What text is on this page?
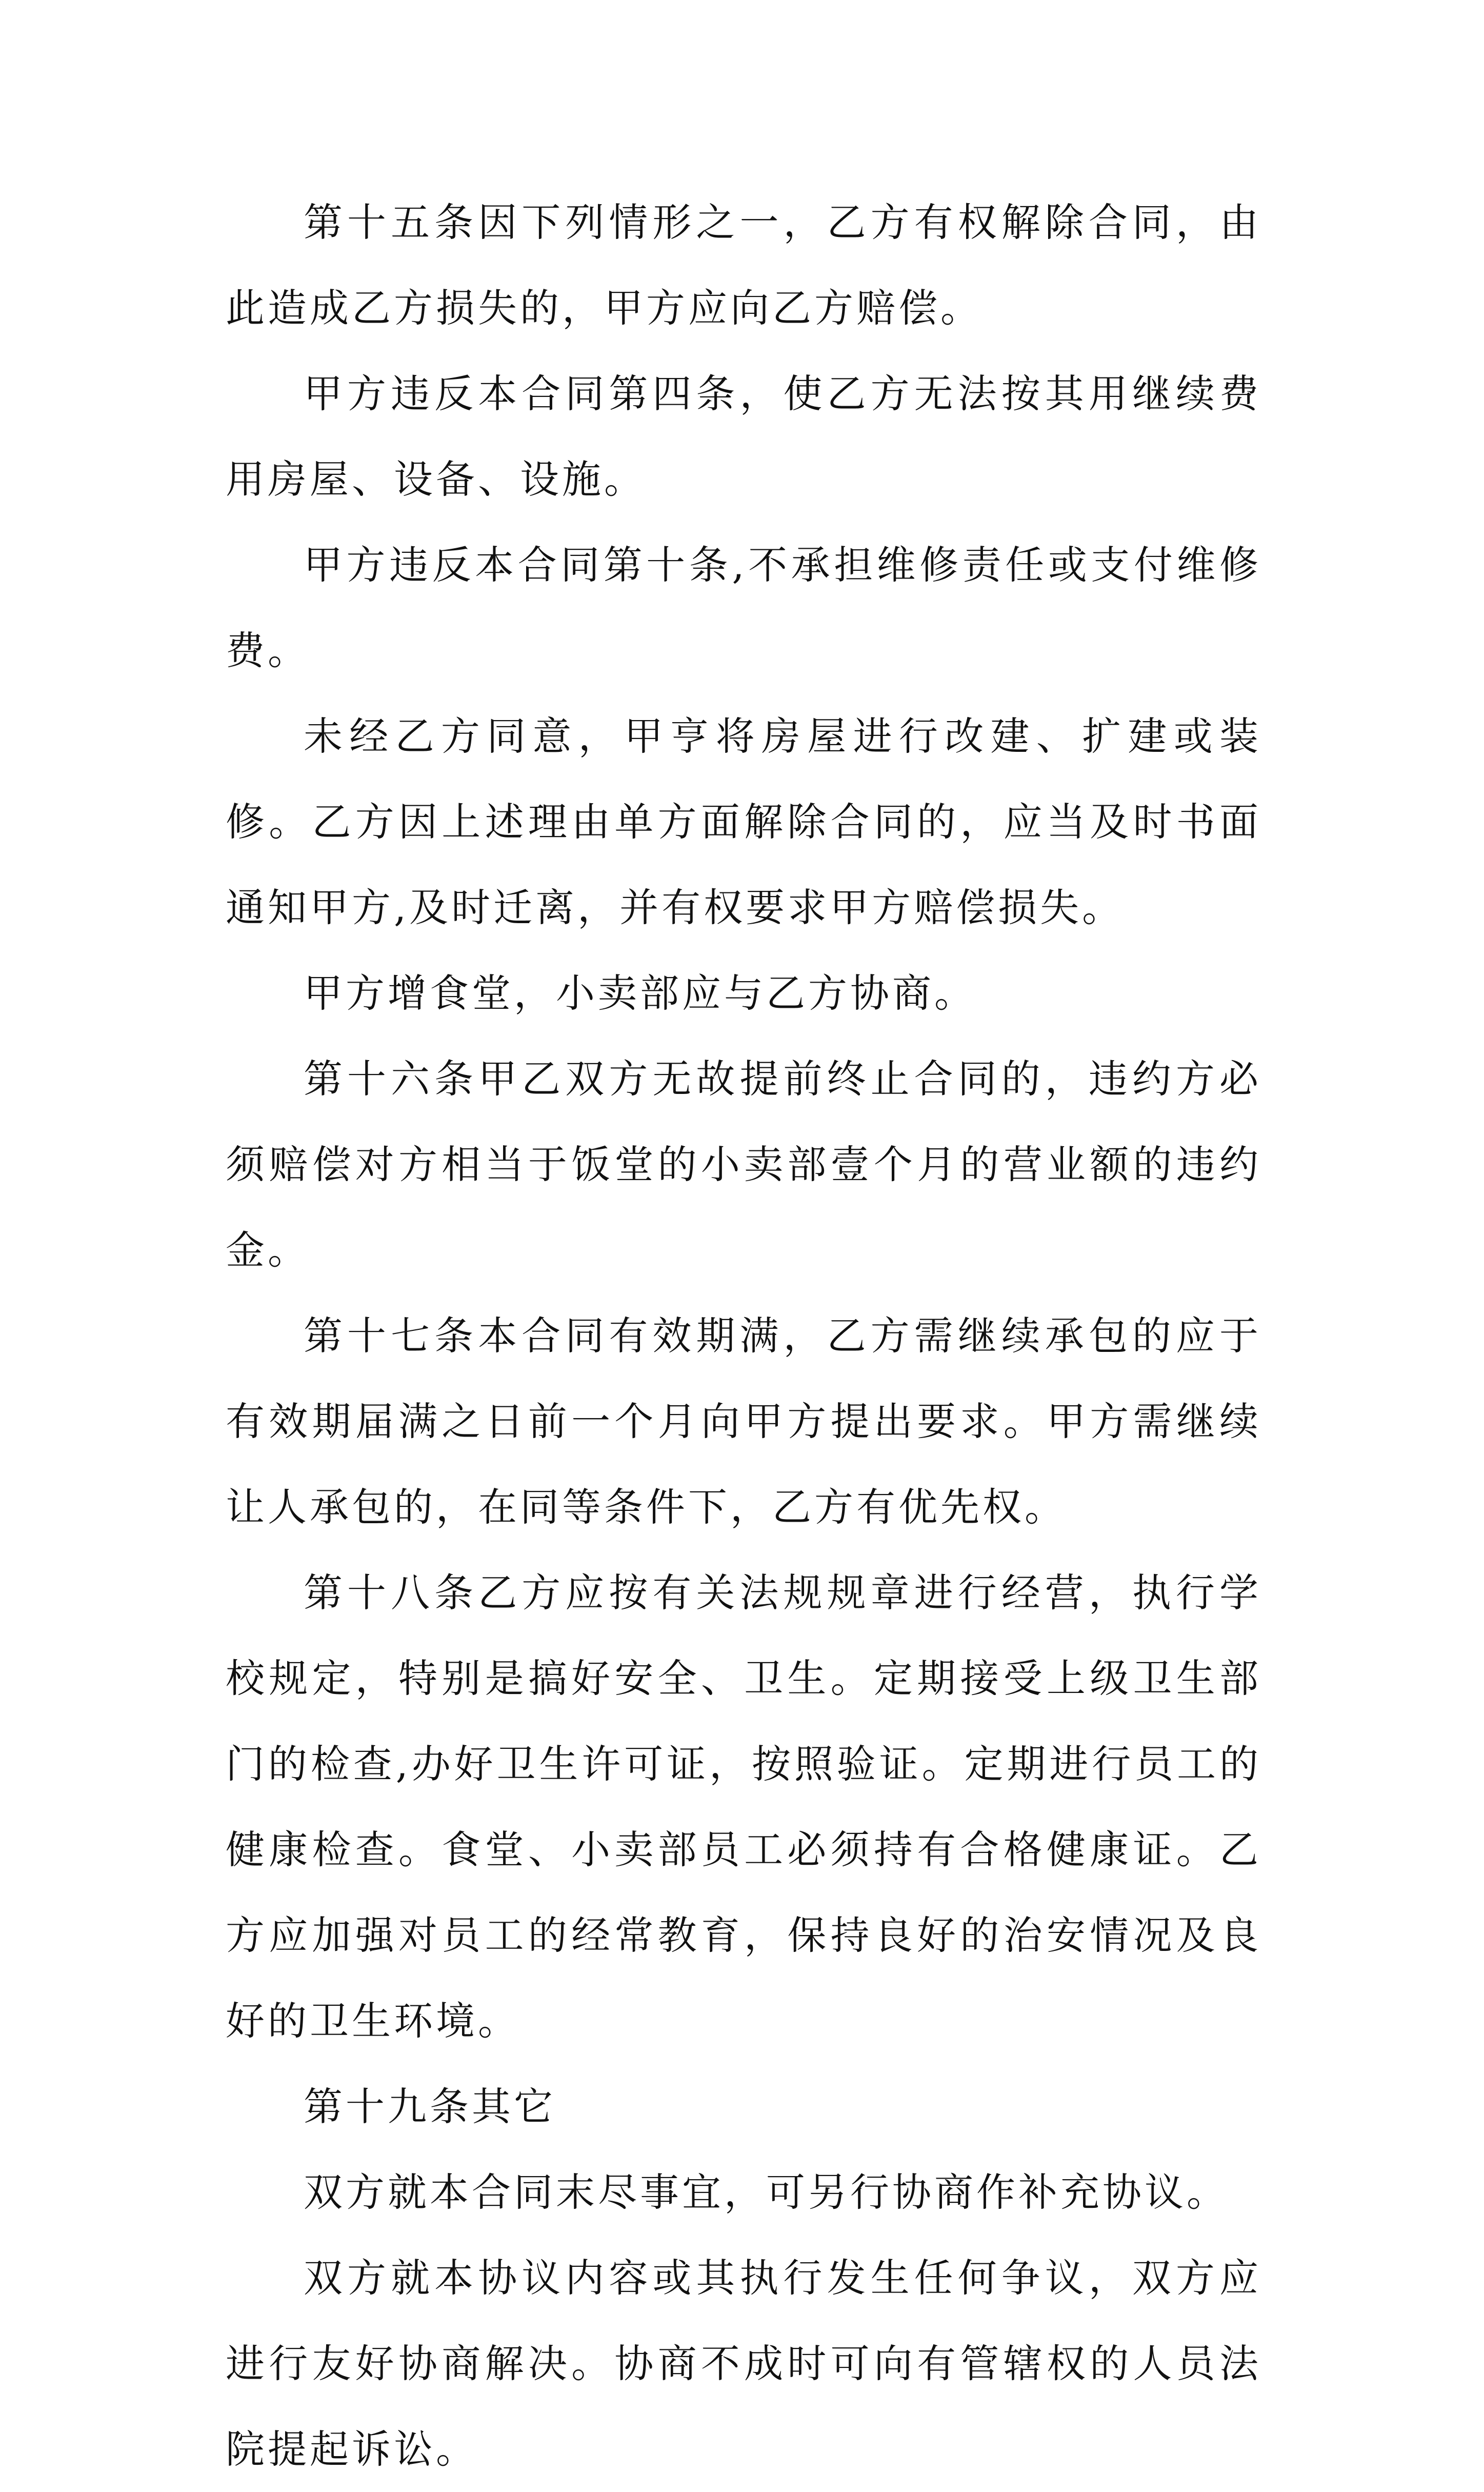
第十五条因下列情形之一，乙方有权解除合同，由此造成乙方损失的，甲方应向乙方赔偿。

甲方违反本合同第四条，使乙方无法按其用继续费用房屋、设备、设施。

甲方违反本合同第十条,不承担维修责任或支付维修费。

未经乙方同意，甲亨将房屋进行改建、扩建或装修。乙方因上述理由单方面解除合同的，应当及时书面通知甲方,及时迁离，并有权要求甲方赔偿损失。

甲方增食堂，小卖部应与乙方协商。

第十六条甲乙双方无故提前终止合同的，违约方必须赔偿对方相当于饭堂的小卖部壹个月的营业额的违约金。

第十七条本合同有效期满，乙方需继续承包的应于有效期届满之日前一个月向甲方提出要求。甲方需继续让人承包的，在同等条件下，乙方有优先权。

第十八条乙方应按有关法规规章进行经营，执行学校规定，特别是搞好安全、卫生。定期接受上级卫生部门的检查,办好卫生许可证，按照验证。定期进行员工的健康检查。食堂、小卖部员工必须持有合格健康证。乙方应加强对员工的经常教育，保持良好的治安情况及良好的卫生环境。

第十九条其它

双方就本合同末尽事宜，可另行协商作补充协议。

双方就本协议内容或其执行发生任何争议，双方应进行友好协商解决。协商不成时可向有管辖权的人员法院提起诉讼。
